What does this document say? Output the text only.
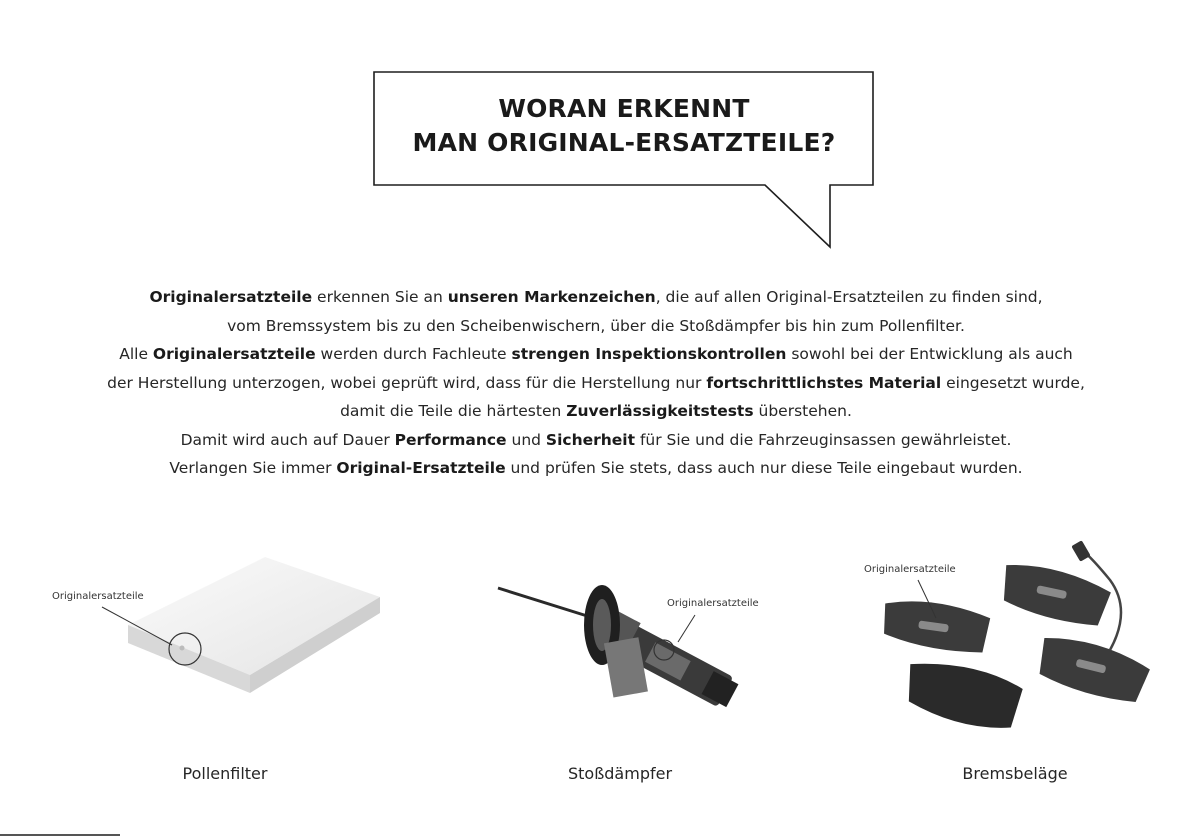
WORAN ERKENNT
MAN ORIGINAL-ERSATZTEILE?
Originalersatzteile erkennen Sie an unseren Markenzeichen, die auf allen Original-Ersatzteilen zu finden sind,
vom Bremssystem bis zu den Scheibenwischern, über die Stoßdämpfer bis hin zum Pollenfilter.
Alle Originalersatzteile werden durch Fachleute strengen Inspektionskontrollen sowohl bei der Entwicklung als auch
der Herstellung unterzogen, wobei geprüft wird, dass für die Herstellung nur fortschrittlichstes Material eingesetzt wurde,
damit die Teile die härtesten Zuverlässigkeitstests überstehen.
Damit wird auch auf Dauer Performance und Sicherheit für Sie und die Fahrzeuginsassen gewährleistet.
Verlangen Sie immer Original-Ersatzteile und prüfen Sie stets, dass auch nur diese Teile eingebaut wurden.
Originalersatzteile
Pollenfilter
Originalersatzteile
Stoßdämpfer
Originalersatzteile
Bremsbeläge
